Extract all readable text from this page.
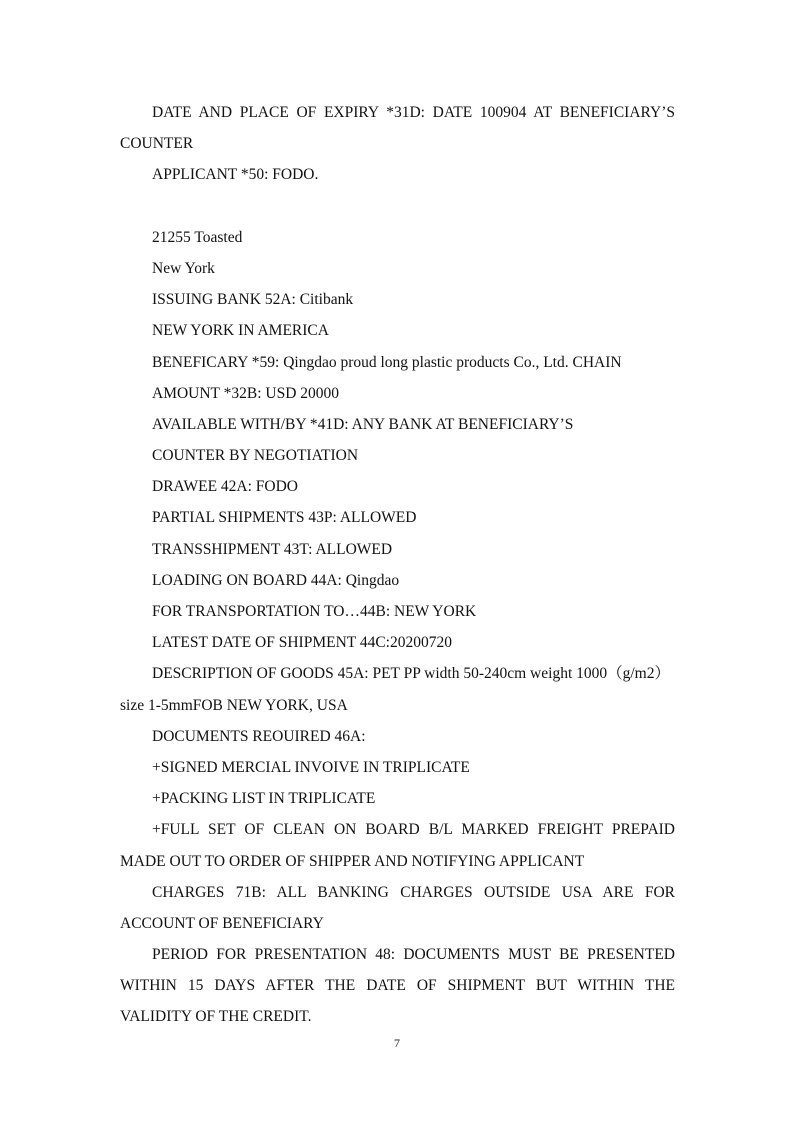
DATE AND PLACE OF EXPIRY *31D: DATE 100904 AT BENEFICIARY’S
COUNTER
APPLICANT *50: FODO.
21255 Toasted
New York
ISSUING BANK 52A: Citibank
NEW YORK IN AMERICA
BENEFICARY *59: Qingdao proud long plastic products Co., Ltd. CHAIN
AMOUNT *32B: USD 20000
AVAILABLE WITH/BY *41D: ANY BANK AT BENEFICIARY’S
COUNTER BY NEGOTIATION
DRAWEE 42A: FODO
PARTIAL SHIPMENTS 43P: ALLOWED
TRANSSHIPMENT 43T: ALLOWED
LOADING ON BOARD 44A: Qingdao
FOR TRANSPORTATION TO…44B: NEW YORK
LATEST DATE OF SHIPMENT 44C:20200720
DESCRIPTION OF GOODS 45A: PET PP width 50-240cm weight 1000（g/m2）
size 1-5mmFOB NEW YORK, USA
DOCUMENTS REOUIRED 46A:
+SIGNED MERCIAL INVOIVE IN TRIPLICATE
+PACKING LIST IN TRIPLICATE
+FULL SET OF CLEAN ON BOARD B/L MARKED FREIGHT PREPAID
MADE OUT TO ORDER OF SHIPPER AND NOTIFYING APPLICANT
CHARGES 71B: ALL BANKING CHARGES OUTSIDE USA ARE FOR
ACCOUNT OF BENEFICIARY
PERIOD FOR PRESENTATION 48: DOCUMENTS MUST BE PRESENTED
WITHIN 15 DAYS AFTER THE DATE OF SHIPMENT BUT WITHIN THE
VALIDITY OF THE CREDIT.
7
